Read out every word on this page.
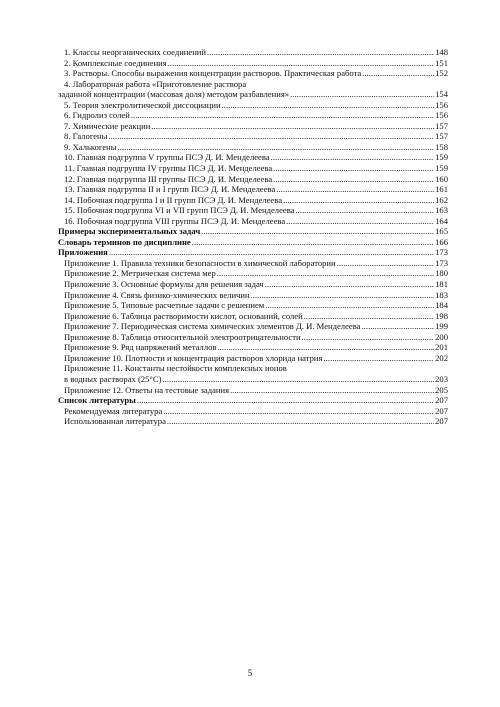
1. Классы неорганических соединений . . .	148
2. Комплексные соединения . . .	151
3. Растворы. Способы выражения концентрации растворов. Практическая работа . . .	152
4. Лабораторная работа «Приготовление раствора
заданной концентрации (массовая доля) методом разбавления» . . .	154
5. Теория электролитической диссоциации . . .	156
6. Гидролиз солей . . .	156
7. Химические реакции . . .	157
8. Галогены . . .	157
9. Халькогены . . .	158
10. Главная подгруппа V группы ПСЭ Д. И. Менделеева . . .	159
11. Главная подгруппа IV группы ПСЭ Д. И. Менделеева . . .	159
12. Главная подгруппа III группы ПСЭ Д. И. Менделеева . . .	160
13. Главная подгруппа II и I групп ПСЭ Д. И. Менделеева . . .	161
14. Побочная подгруппа I и II групп ПСЭ Д. И. Менделеева . . .	162
15. Побочная подгруппа VI и VII групп ПСЭ Д. И. Менделеева . . .	163
16. Побочная подгруппа VIII группы ПСЭ Д. И. Менделеева . . .	164
Примеры экспериментальных задач . . .	165
Словарь терминов по дисциплине . . .	166
Приложения . . .	173
Приложение 1. Правила техники безопасности в химической лаборатории . . .	173
Приложение 2. Метрическая система мер . . .	180
Приложение 3. Основные формулы для решения задач . . .	181
Приложение 4. Связь физико-химических величин . . .	183
Приложение 5. Типовые расчетные задачи с решением . . .	184
Приложение 6. Таблица растворимости кислот, оснований, солей . . .	198
Приложение 7. Периодическая система химических элементов Д. И. Менделеева . . .	199
Приложение 8. Таблица относительной электроотрицательности . . .	200
Приложение 9. Ряд напряжений металлов . . .	201
Приложение 10. Плотности и концентрация растворов хлорида натрия . . .	202
Приложение 11. Константы нестойкости комплексных ионов
в водных растворах (25°С) . . .	203
Приложение 12. Ответы на тестовые задания . . .	205
Список литературы . . .	207
Рекомендуемая литература . . .	207
Использованная литература . . .	207
5
